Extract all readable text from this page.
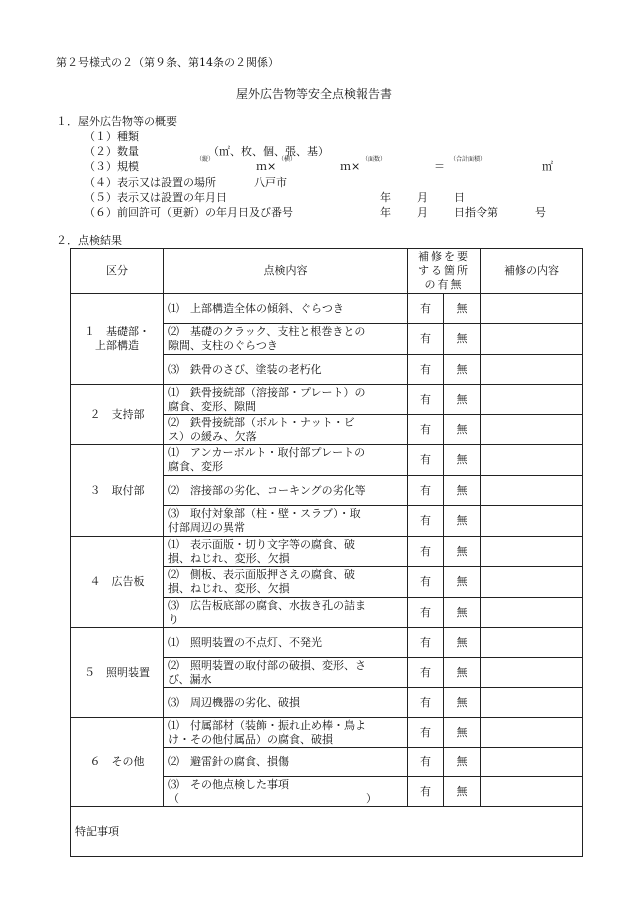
第２号様式の２（第９条、第14条の２関係）
屋外広告物等安全点検報告書
１．屋外広告物等の概要
（１） 種類
（２） 数量	（㎡、枚、個、張、基）
（３） 規模
（縦）
ｍ×
（横）
ｍ×
（面数）
＝
（合計面積）
㎡
（４） 表示又は設置の場所	八戸市
（５） 表示又は設置の年月日	年 月 日
（６） 前回許可（更新）の年月日及び番号	年 月 日指令第	号
２．点検結果
区分	点検内容	補修を要
する箇所
の有無		補修の内容

１　基礎部・
上部構造	⑴　上部構造全体の傾斜、ぐらつき	有	無	

	⑵　基礎のクラック、支柱と根巻きとの
隙間、支柱のぐらつき	有	無	

	⑶　鉄骨のさび、塗装の老朽化	有	無	

２　支持部	⑴　鉄骨接続部（溶接部・プレート）の
腐食、変形、隙間	有	無	

	⑵　鉄骨接続部（ボルト・ナット・ビ
ス）の緩み、欠落	有	無	

３　取付部	⑴　アンカーボルト・取付部プレートの
腐食、変形	有	無	

	⑵　溶接部の劣化、コーキングの劣化等	有	無	

	⑶　取付対象部（柱・壁・スラブ）・取
付部周辺の異常	有	無	

４　広告板	⑴　表示面版・切り文字等の腐食、破
損、ねじれ、変形、欠損	有	無	

	⑵　側板、表示面版押さえの腐食、破
損、ねじれ、変形、欠損	有	無	

	⑶　広告板底部の腐食、水抜き孔の詰ま
り	有	無	

５　照明装置	⑴　照明装置の不点灯、不発光	有	無	

	⑵　照明装置の取付部の破損、変形、さ
び、漏水	有	無	

	⑶　周辺機器の劣化、破損	有	無	

６　その他	⑴　付属部材（装飾・振れ止め棒・鳥よ
け・その他付属品）の腐食、破損	有	無	

	⑵　避雷針の腐食、損傷	有	無	

	⑶　その他点検した事項
（　　　　　　　　　　　　　　　　　）	有	無	
特記事項				
